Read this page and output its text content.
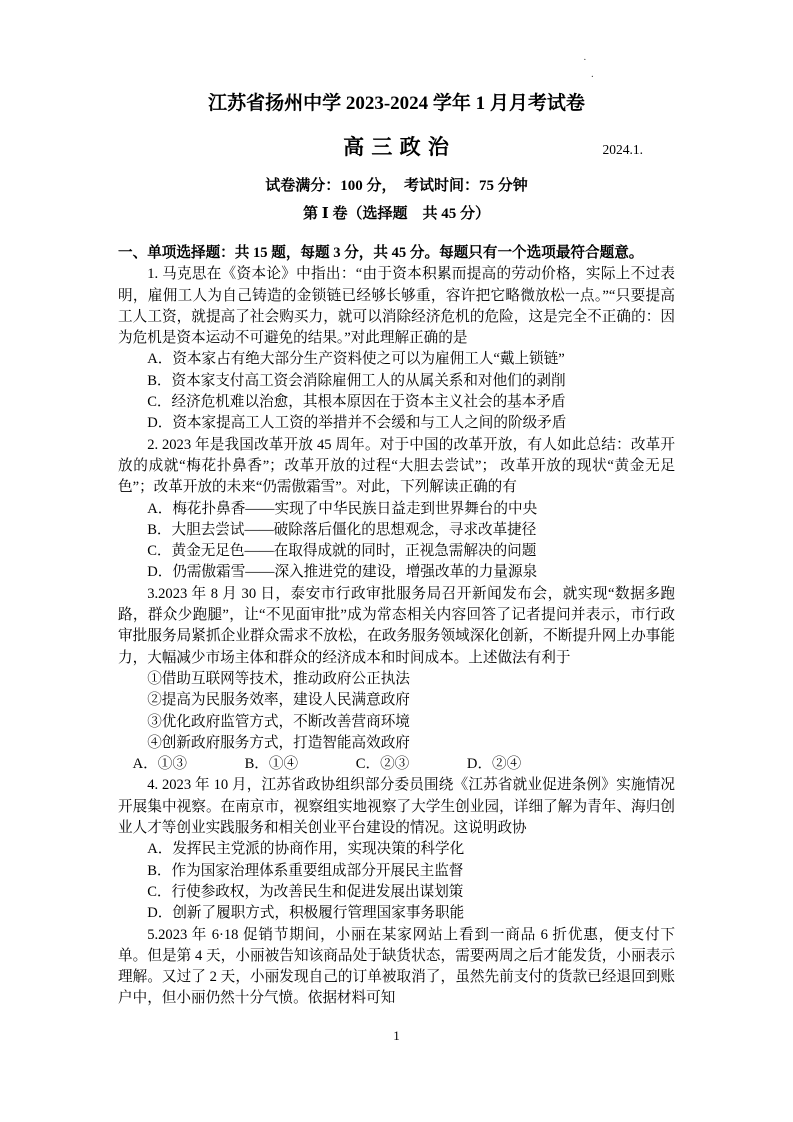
·
.
江苏省扬州中学 2023-2024 学年 1 月月考试卷
高 三 政 治	2024.1.

试卷满分：100 分，　考试时间：75 分钟

第 Ⅰ 卷（选择题　共 45 分）

一、单项选择题：共 15 题，每题 3 分，共 45 分。每题只有一个选项最符合题意。

1. 马克思在《资本论》中指出：“由于资本积累而提高的劳动价格，实际上不过表明，雇佣工人为自己铸造的金锁链已经够长够重，容许把它略微放松一点。”“只要提高工人工资，就提高了社会购买力，就可以消除经济危机的危险，这是完全不正确的：因为危机是资本运动不可避免的结果。”对此理解正确的是

A．资本家占有绝大部分生产资料使之可以为雇佣工人“戴上锁链”

B．资本家支付高工资会消除雇佣工人的从属关系和对他们的剥削

C．经济危机难以治愈，其根本原因在于资本主义社会的基本矛盾

D．资本家提高工人工资的举措并不会缓和与工人之间的阶级矛盾

2. 2023 年是我国改革开放 45 周年。对于中国的改革开放，有人如此总结：改革开放的成就“梅花扑鼻香”；改革开放的过程“大胆去尝试”； 改革开放的现状“黄金无足色”；改革开放的未来“仍需傲霜雪”。对此，下列解读正确的有

A．梅花扑鼻香——实现了中华民族日益走到世界舞台的中央

B．大胆去尝试——破除落后僵化的思想观念，寻求改革捷径

C．黄金无足色——在取得成就的同时，正视急需解决的问题

D．仍需傲霜雪——深入推进党的建设，增强改革的力量源泉

3.2023 年 8 月 30 日，泰安市行政审批服务局召开新闻发布会，就实现“数据多跑路，群众少跑腿”，让“不见面审批”成为常态相关内容回答了记者提问并表示，市行政审批服务局紧抓企业群众需求不放松，在政务服务领域深化创新，不断提升网上办事能力，大幅减少市场主体和群众的经济成本和时间成本。上述做法有利于

①借助互联网等技术，推动政府公正执法

②提高为民服务效率，建设人民满意政府

③优化政府监管方式，不断改善营商环境

④创新政府服务方式，打造智能高效政府

A．①③	B．①④	C．②③	D．②④

4. 2023 年 10 月，江苏省政协组织部分委员围绕《江苏省就业促进条例》实施情况开展集中视察。在南京市，视察组实地视察了大学生创业园，详细了解为青年、海归创业人才等创业实践服务和相关创业平台建设的情况。这说明政协

A．发挥民主党派的协商作用，实现决策的科学化

B．作为国家治理体系重要组成部分开展民主监督

C．行使参政权，为改善民生和促进发展出谋划策

D．创新了履职方式，积极履行管理国家事务职能

5.2023 年 6·18 促销节期间，小丽在某家网站上看到一商品 6 折优惠，便支付下单。但是第 4 天，小丽被告知该商品处于缺货状态，需要两周之后才能发货，小丽表示理解。又过了 2 天，小丽发现自己的订单被取消了，虽然先前支付的货款已经退回到账户中，但小丽仍然十分气愤。依据材料可知

1
